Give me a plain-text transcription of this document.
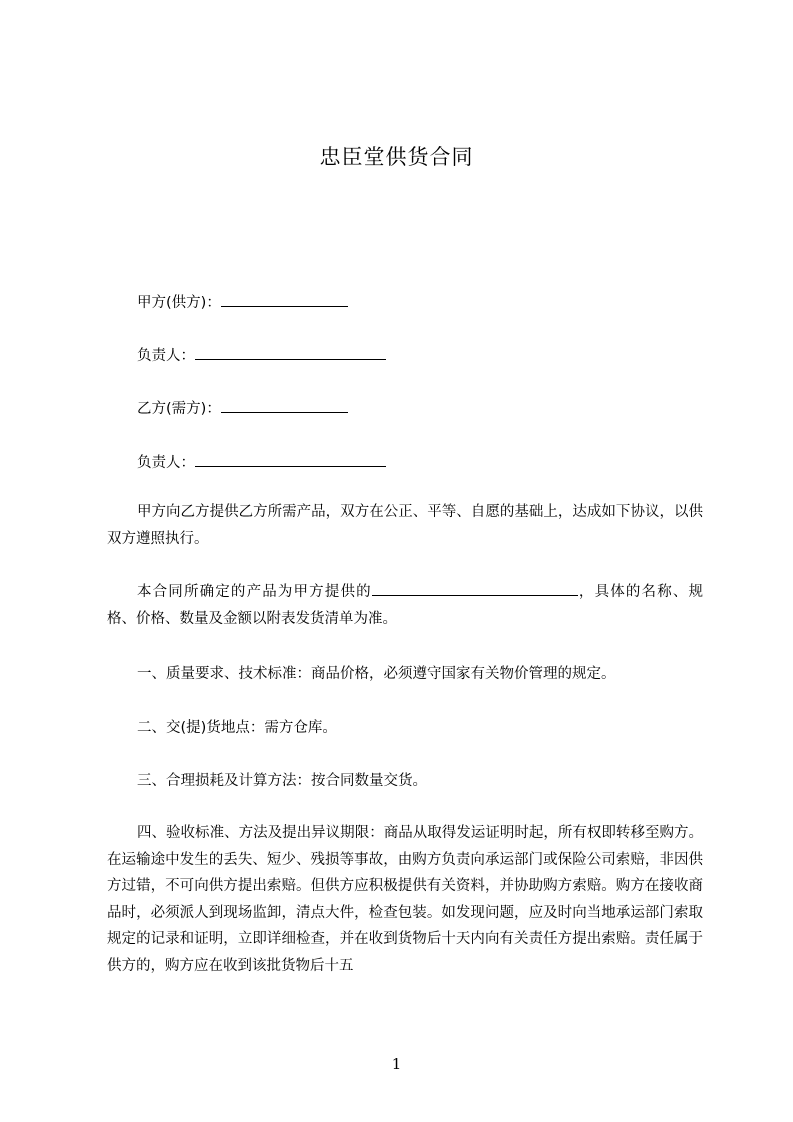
忠臣堂供货合同
甲方(供方)：
负责人：
乙方(需方)：
负责人：

甲方向乙方提供乙方所需产品，双方在公正、平等、自愿的基础上，达成如下协议，以供双方遵照执行。

本合同所确定的产品为甲方提供的	，具体的名称、规格、价格、数量及金额以附表发货清单为准。

一、质量要求、技术标准：商品价格，必须遵守国家有关物价管理的规定。

二、交(提)货地点：需方仓库。

三、合理损耗及计算方法：按合同数量交货。

四、验收标准、方法及提出异议期限：商品从取得发运证明时起，所有权即转移至购方。在运输途中发生的丢失、短少、残损等事故，由购方负责向承运部门或保险公司索赔，非因供方过错，不可向供方提出索赔。但供方应积极提供有关资料，并协助购方索赔。购方在接收商品时，必须派人到现场监卸，清点大件，检查包装。如发现问题，应及时向当地承运部门索取规定的记录和证明，立即详细检查，并在收到货物后十天内向有关责任方提出索赔。责任属于供方的，购方应在收到该批货物后十五

1
